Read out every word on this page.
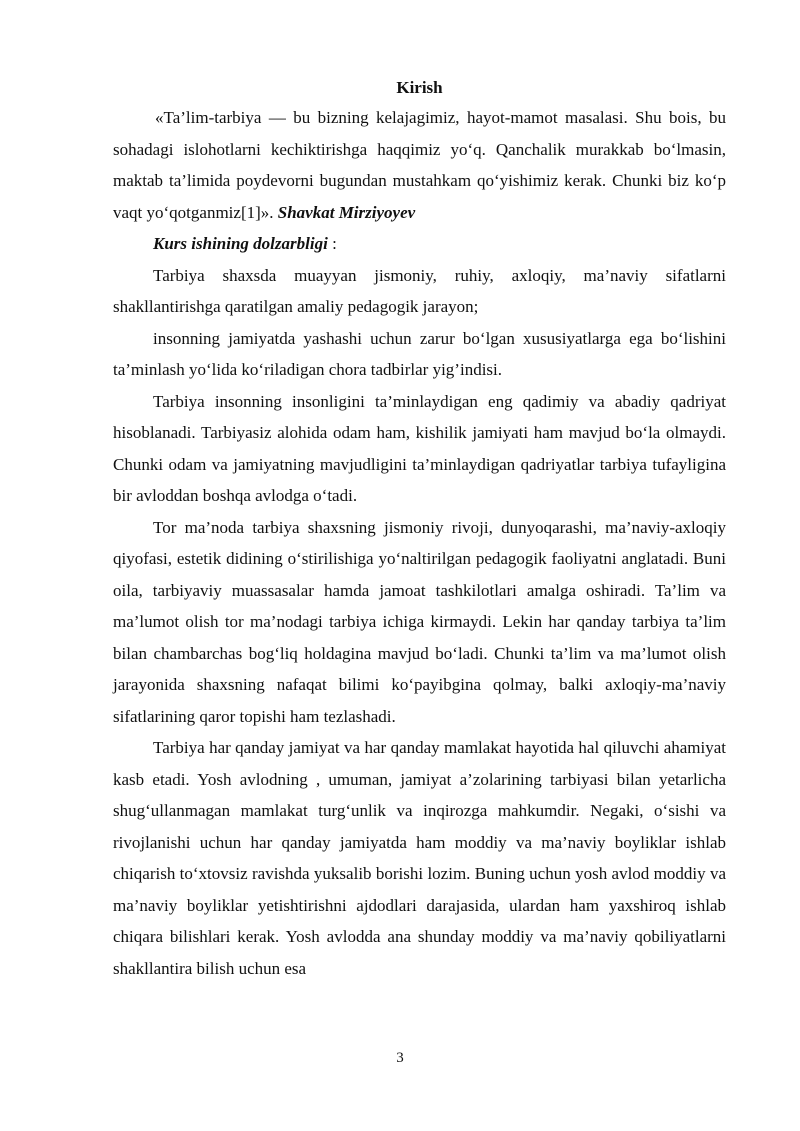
Kirish

«Ta’lim-tarbiya — bu bizning kelajagimiz, hayot-mamot masalasi. Shu bois, bu sohadagi islohotlarni kechiktirishga haqqimiz yo‘q. Qanchalik murakkab bo‘lmasin, maktab ta’limida poydevorni bugundan mustahkam qo‘yishimiz kerak. Chunki biz ko‘p vaqt yo‘qotganmiz[1]». Shavkat Mirziyoyev

Kurs ishining dolzarbligi :

Tarbiya shaxsda muayyan jismoniy, ruhiy, axloqiy, ma’naviy sifatlarni shakllantirishga qaratilgan amaliy pedagogik jarayon;

insonning jamiyatda yashashi uchun zarur bo‘lgan xususiyatlarga ega bo‘lishini ta’minlash yo‘lida ko‘riladigan chora tadbirlar yig’indisi.

Tarbiya insonning insonligini ta’minlaydigan eng qadimiy va abadiy qadriyat hisoblanadi. Tarbiyasiz alohida odam ham, kishilik jamiyati ham mavjud bo‘la olmaydi. Chunki odam va jamiyatning mavjudligini ta’minlaydigan qadriyatlar tarbiya tufayligina bir avloddan boshqa avlodga o‘tadi.

Tor ma’noda tarbiya shaxsning jismoniy rivoji, dunyoqarashi, ma’naviy-axloqiy qiyofasi, estetik didining o‘stirilishiga yo‘naltirilgan pedagogik faoliyatni anglatadi. Buni oila, tarbiyaviy muassasalar hamda jamoat tashkilotlari amalga oshiradi. Ta’lim va ma’lumot olish tor ma’nodagi tarbiya ichiga kirmaydi. Lekin har qanday tarbiya ta’lim bilan chambarchas bog‘liq holdagina mavjud bo‘ladi. Chunki ta’lim va ma’lumot olish jarayonida shaxsning nafaqat bilimi ko‘payibgina qolmay, balki axloqiy-ma’naviy sifatlarining qaror topishi ham tezlashadi.

Tarbiya har qanday jamiyat va har qanday mamlakat hayotida hal qiluvchi ahamiyat kasb etadi. Yosh avlodning , umuman, jamiyat a’zolarining tarbiyasi bilan yetarlicha shug‘ullanmagan mamlakat turg‘unlik va inqirozga mahkumdir. Negaki, o‘sishi va rivojlanishi uchun har qanday jamiyatda ham moddiy va ma’naviy boyliklar ishlab chiqarish to‘xtovsiz ravishda yuksalib borishi lozim. Buning uchun yosh avlod moddiy va ma’naviy boyliklar yetishtirishni ajdodlari darajasida, ulardan ham yaxshiroq ishlab chiqara bilishlari kerak. Yosh avlodda ana shunday moddiy va ma’naviy qobiliyatlarni shakllantira bilish uchun esa

3
